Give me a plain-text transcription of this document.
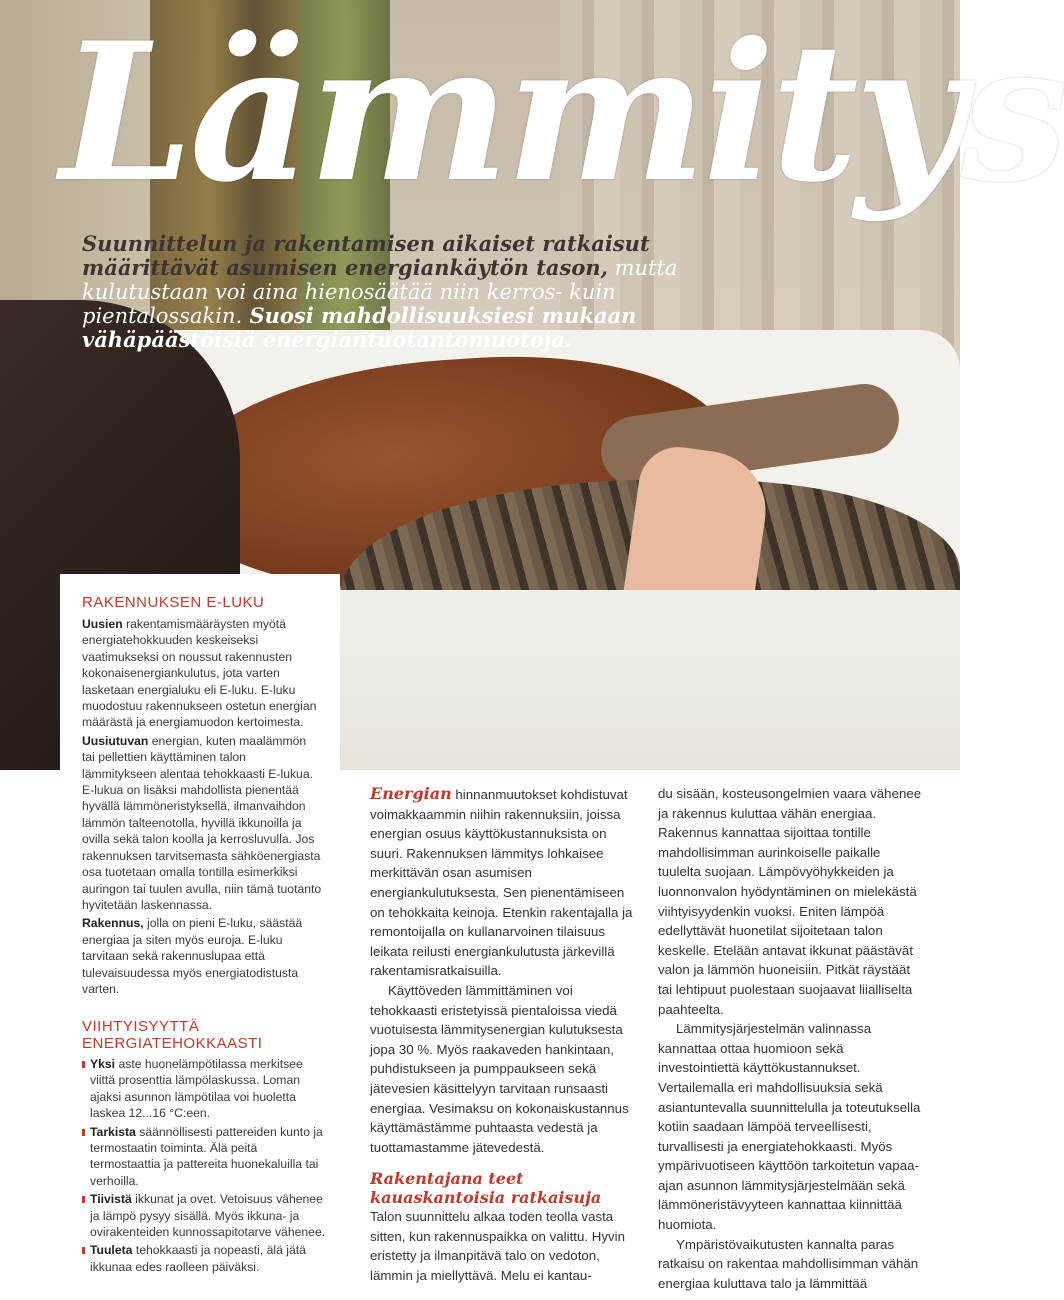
Lämmitys
Suunnittelun ja rakentamisen aikaiset ratkaisut määrittävät asumisen energiankäytön tason, mutta kulutustaan voi aina hienosäätää niin kerros- kuin pientalossakin. Suosi mahdollisuuksiesi mukaan vähäpäästöisiä energiantuotantomuotoja.
RAKENNUKSEN E-LUKU

Uusien rakentamismääräysten myötä energiatehokkuuden keskeiseksi vaatimukseksi on noussut rakennusten kokonaisenergiankulutus, jota varten lasketaan energialuku eli E-luku. E-luku muodostuu rakennukseen ostetun energian määrästä ja energiamuodon kertoimesta.

Uusiutuvan energian, kuten maalämmön tai pellettien käyttäminen talon lämmitykseen alentaa tehokkaasti E-lukua. E-lukua on lisäksi mahdollista pienentää hyvällä lämmöneristyksellä, ilmanvaihdon lämmön talteenotolla, hyvillä ikkunoilla ja ovilla sekä talon koolla ja kerrosluvulla. Jos rakennuksen tarvitsemasta sähköenergiasta osa tuotetaan omalla tontilla esimerkiksi auringon tai tuulen avulla, niin tämä tuotanto hyvitetään laskennassa.

Rakennus, jolla on pieni E-luku, säästää energiaa ja siten myös euroja. E-luku tarvitaan sekä rakennuslupaa että tulevaisuudessa myös energiatodistusta varten.

VIIHTYISYYTTÄ ENERGIATEHOKKAASTI
Yksi aste huonelämpötilassa merkitsee viittä prosenttia lämpölaskussa. Loman ajaksi asunnon lämpötilaa voi huoletta laskea 12...16 °C:een.
Tarkista säännöllisesti pattereiden kunto ja termostaatin toiminta. Älä peitä termostaattia ja pattereita huonekaluilla tai verhoilla.
Tiivistä ikkunat ja ovet. Vetoisuus vähenee ja lämpö pysyy sisällä. Myös ikkuna- ja ovirakenteiden kunnossapitotarve vähenee.
Tuuleta tehokkaasti ja nopeasti, älä jätä ikkunaa edes raolleen päiväksi.

Energian hinnanmuutokset kohdistuvat voimakkaammin niihin rakennuksiin, joissa energian osuus käyttökustannuksista on suuri. Rakennuksen lämmitys lohkaisee merkittävän osan asumisen energiankulutuksesta. Sen pienentämiseen on tehokkaita keinoja. Etenkin rakentajalla ja remontoijalla on kullanarvoinen tilaisuus leikata reilusti energiankulutusta järkevillä rakentamisratkaisuilla.

Käyttöveden lämmittäminen voi tehokkaasti eristetyissä pientaloissa viedä vuotuisesta lämmitysenergian kulutuksesta jopa 30 %. Myös raakaveden hankintaan, puhdistukseen ja pumppaukseen sekä jätevesien käsittelyyn tarvitaan runsaasti energiaa. Vesimaksu on kokonaiskustannus käyttämästämme puhtaasta vedestä ja tuottamastamme jätevedestä.

Rakentajana teet kauaskantoisia ratkaisuja

Talon suunnittelu alkaa toden teolla vasta sitten, kun rakennuspaikka on valittu. Hyvin eristetty ja ilmanpitävä talo on vedoton, lämmin ja miellyttävä. Melu ei kantau-

du sisään, kosteusongelmien vaara vähenee ja rakennus kuluttaa vähän energiaa. Rakennus kannattaa sijoittaa tontille mahdollisimman aurinkoiselle paikalle tuulelta suojaan. Lämpövyöhykkeiden ja luonnonvalon hyödyntäminen on mielekästä viihtyisyydenkin vuoksi. Eniten lämpöä edellyttävät huonetilat sijoitetaan talon keskelle. Etelään antavat ikkunat päästävät valon ja lämmön huoneisiin. Pitkät räystäät tai lehtipuut puolestaan suojaavat liialliselta paahteelta.

Lämmitysjärjestelmän valinnassa kannattaa ottaa huomioon sekä investointiettä käyttökustannukset. Vertailemalla eri mahdollisuuksia sekä asiantuntevalla suunnittelulla ja toteutuksella kotiin saadaan lämpöä terveellisesti, turvallisesti ja energiatehokkaasti. Myös ympärivuotiseen käyttöön tarkoitetun vapaa-ajan asunnon lämmitysjärjestelmään sekä lämmöneristävyyteen kannattaa kiinnittää huomiota.

Ympäristövaikutusten kannalta paras ratkaisu on rakentaa mahdollisimman vähän energiaa kuluttava talo ja lämmittää
